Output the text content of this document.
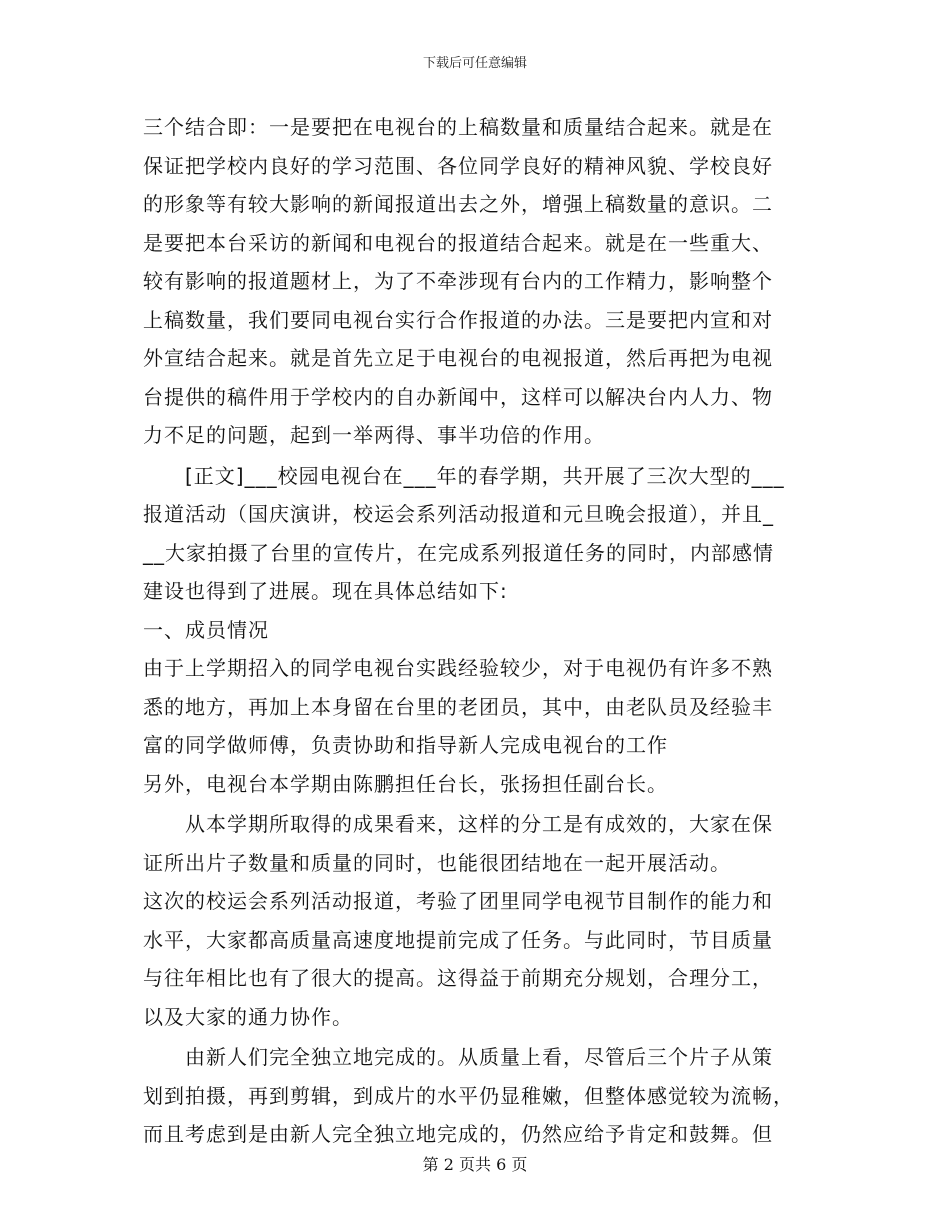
下载后可任意编辑
三个结合即：一是要把在电视台的上稿数量和质量结合起来。就是在
保证把学校内良好的学习范围、各位同学良好的精神风貌、学校良好
的形象等有较大影响的新闻报道出去之外，增强上稿数量的意识。二
是要把本台采访的新闻和电视台的报道结合起来。就是在一些重大、
较有影响的报道题材上，为了不牵涉现有台内的工作精力，影响整个
上稿数量，我们要同电视台实行合作报道的办法。三是要把内宣和对
外宣结合起来。就是首先立足于电视台的电视报道，然后再把为电视
台提供的稿件用于学校内的自办新闻中，这样可以解决台内人力、物
力不足的问题，起到一举两得、事半功倍的作用。
　　[正文]___校园电视台在___年的春学期，共开展了三次大型的___
报道活动（国庆演讲，校运会系列活动报道和元旦晚会报道），并且_
__大家拍摄了台里的宣传片，在完成系列报道任务的同时，内部感情
建设也得到了进展。现在具体总结如下:
一、成员情况
由于上学期招入的同学电视台实践经验较少，对于电视仍有许多不熟
悉的地方，再加上本身留在台里的老团员，其中，由老队员及经验丰
富的同学做师傅，负责协助和指导新人完成电视台的工作
另外，电视台本学期由陈鹏担任台长，张扬担任副台长。
　　从本学期所取得的成果看来，这样的分工是有成效的，大家在保
证所出片子数量和质量的同时，也能很团结地在一起开展活动。
这次的校运会系列活动报道，考验了团里同学电视节目制作的能力和
水平，大家都高质量高速度地提前完成了任务。与此同时，节目质量
与往年相比也有了很大的提高。这得益于前期充分规划，合理分工，
以及大家的通力协作。
　　由新人们完全独立地完成的。从质量上看，尽管后三个片子从策
划到拍摄，再到剪辑，到成片的水平仍显稚嫩，但整体感觉较为流畅，
而且考虑到是由新人完全独立地完成的，仍然应给予肯定和鼓舞。但
第 2 页共 6 页
